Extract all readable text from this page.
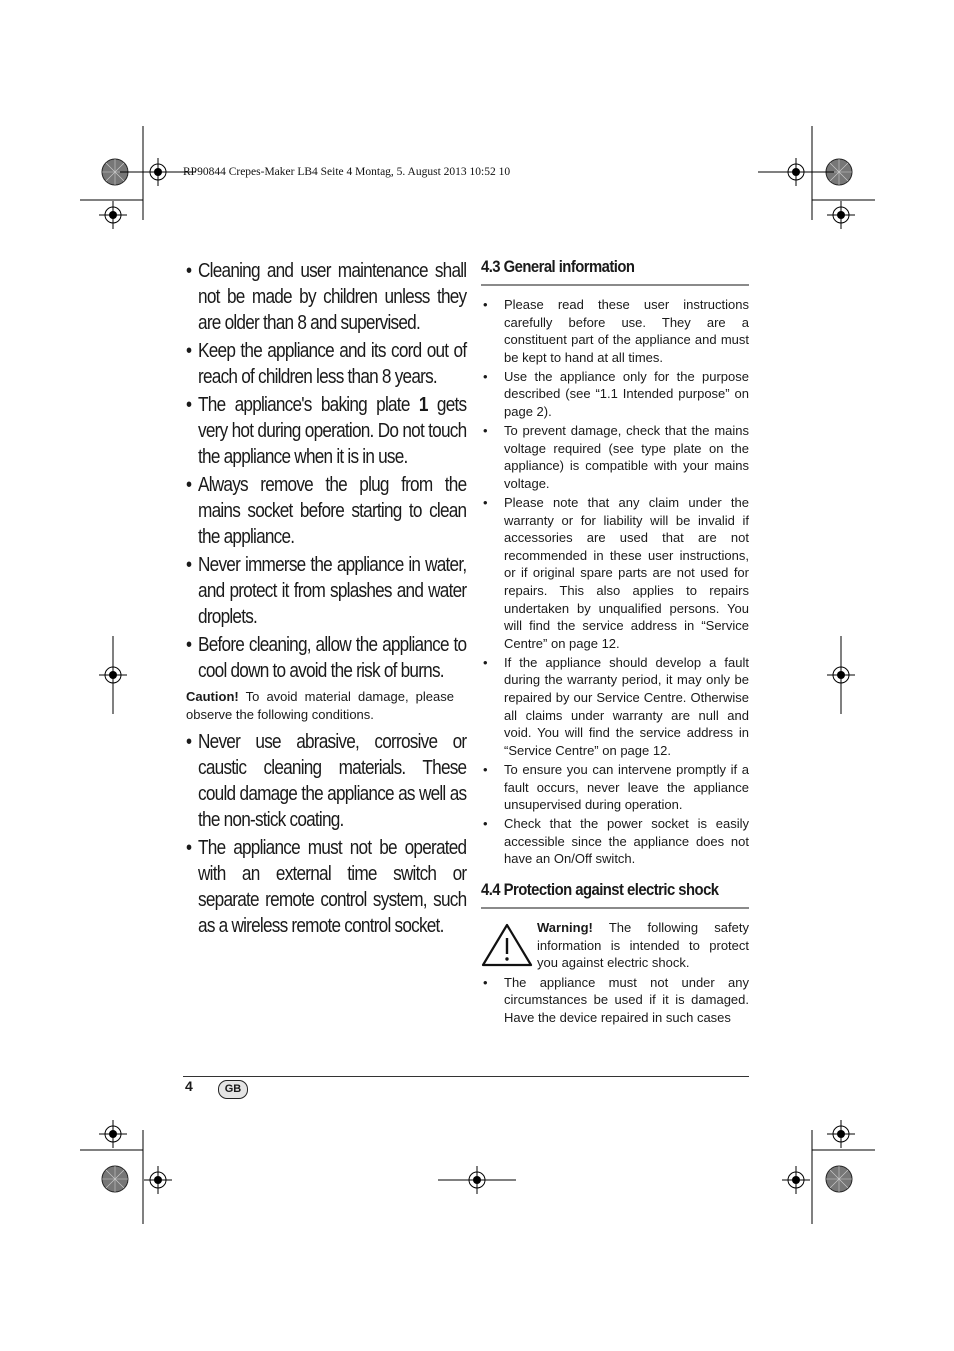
RP90844 Crepes-Maker LB4 Seite 4 Montag, 5. August 2013 10:52 10
• Cleaning and user maintenance shall not be made by children unless they are older than 8 and supervised.
• Keep the appliance and its cord out of reach of children less than 8 years.
• The appliance's baking plate 1 gets very hot during operation. Do not touch the appliance when it is in use.
• Always remove the plug from the mains socket before starting to clean the appliance.
• Never immerse the appliance in water, and protect it from splashes and water droplets.
• Before cleaning, allow the appliance to cool down to avoid the risk of burns.

Caution! To avoid material damage, please observe the following conditions.

• Never use abrasive, corrosive or caustic cleaning materials. These could damage the appliance as well as the non-stick coating.
• The appliance must not be operated with an external time switch or separate remote control system, such as a wireless remote control socket.
4.3 General information
• Please read these user instructions carefully before use. They are a constituent part of the appliance and must be kept to hand at all times.
• Use the appliance only for the purpose described (see “1.1 Intended purpose” on page 2).
• To prevent damage, check that the mains voltage required (see type plate on the appliance) is compatible with your mains voltage.
• Please note that any claim under the warranty or for liability will be invalid if accessories are used that are not recommended in these user instructions, or if original spare parts are not used for repairs. This also applies to repairs undertaken by unqualified persons. You will find the service address in “Service Centre” on page 12.
• If the appliance should develop a fault during the warranty period, it may only be repaired by our Service Centre. Otherwise all claims under warranty are null and void. You will find the service address in “Service Centre” on page 12.
• To ensure you can intervene promptly if a fault occurs, never leave the appliance unsupervised during operation.
• Check that the power socket is easily accessible since the appliance does not have an On/Off switch.
4.4 Protection against electric shock
Warning! The following safety information is intended to protect you against electric shock.
• The appliance must not under any circumstances be used if it is damaged. Have the device repaired in such cases
4	GB
